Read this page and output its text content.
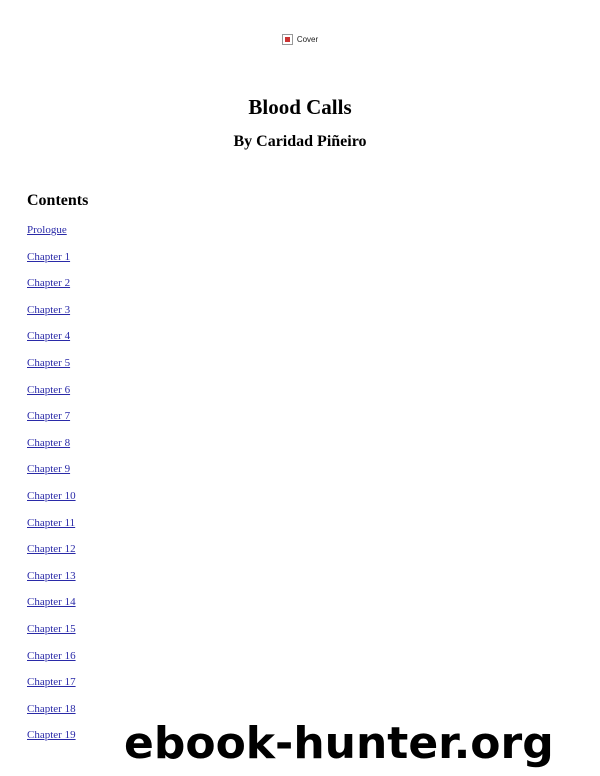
Cover
Blood Calls
By Caridad Piñeiro
Contents
Prologue
Chapter 1
Chapter 2
Chapter 3
Chapter 4
Chapter 5
Chapter 6
Chapter 7
Chapter 8
Chapter 9
Chapter 10
Chapter 11
Chapter 12
Chapter 13
Chapter 14
Chapter 15
Chapter 16
Chapter 17
Chapter 18
Chapter 19 ebook-hunter.org
